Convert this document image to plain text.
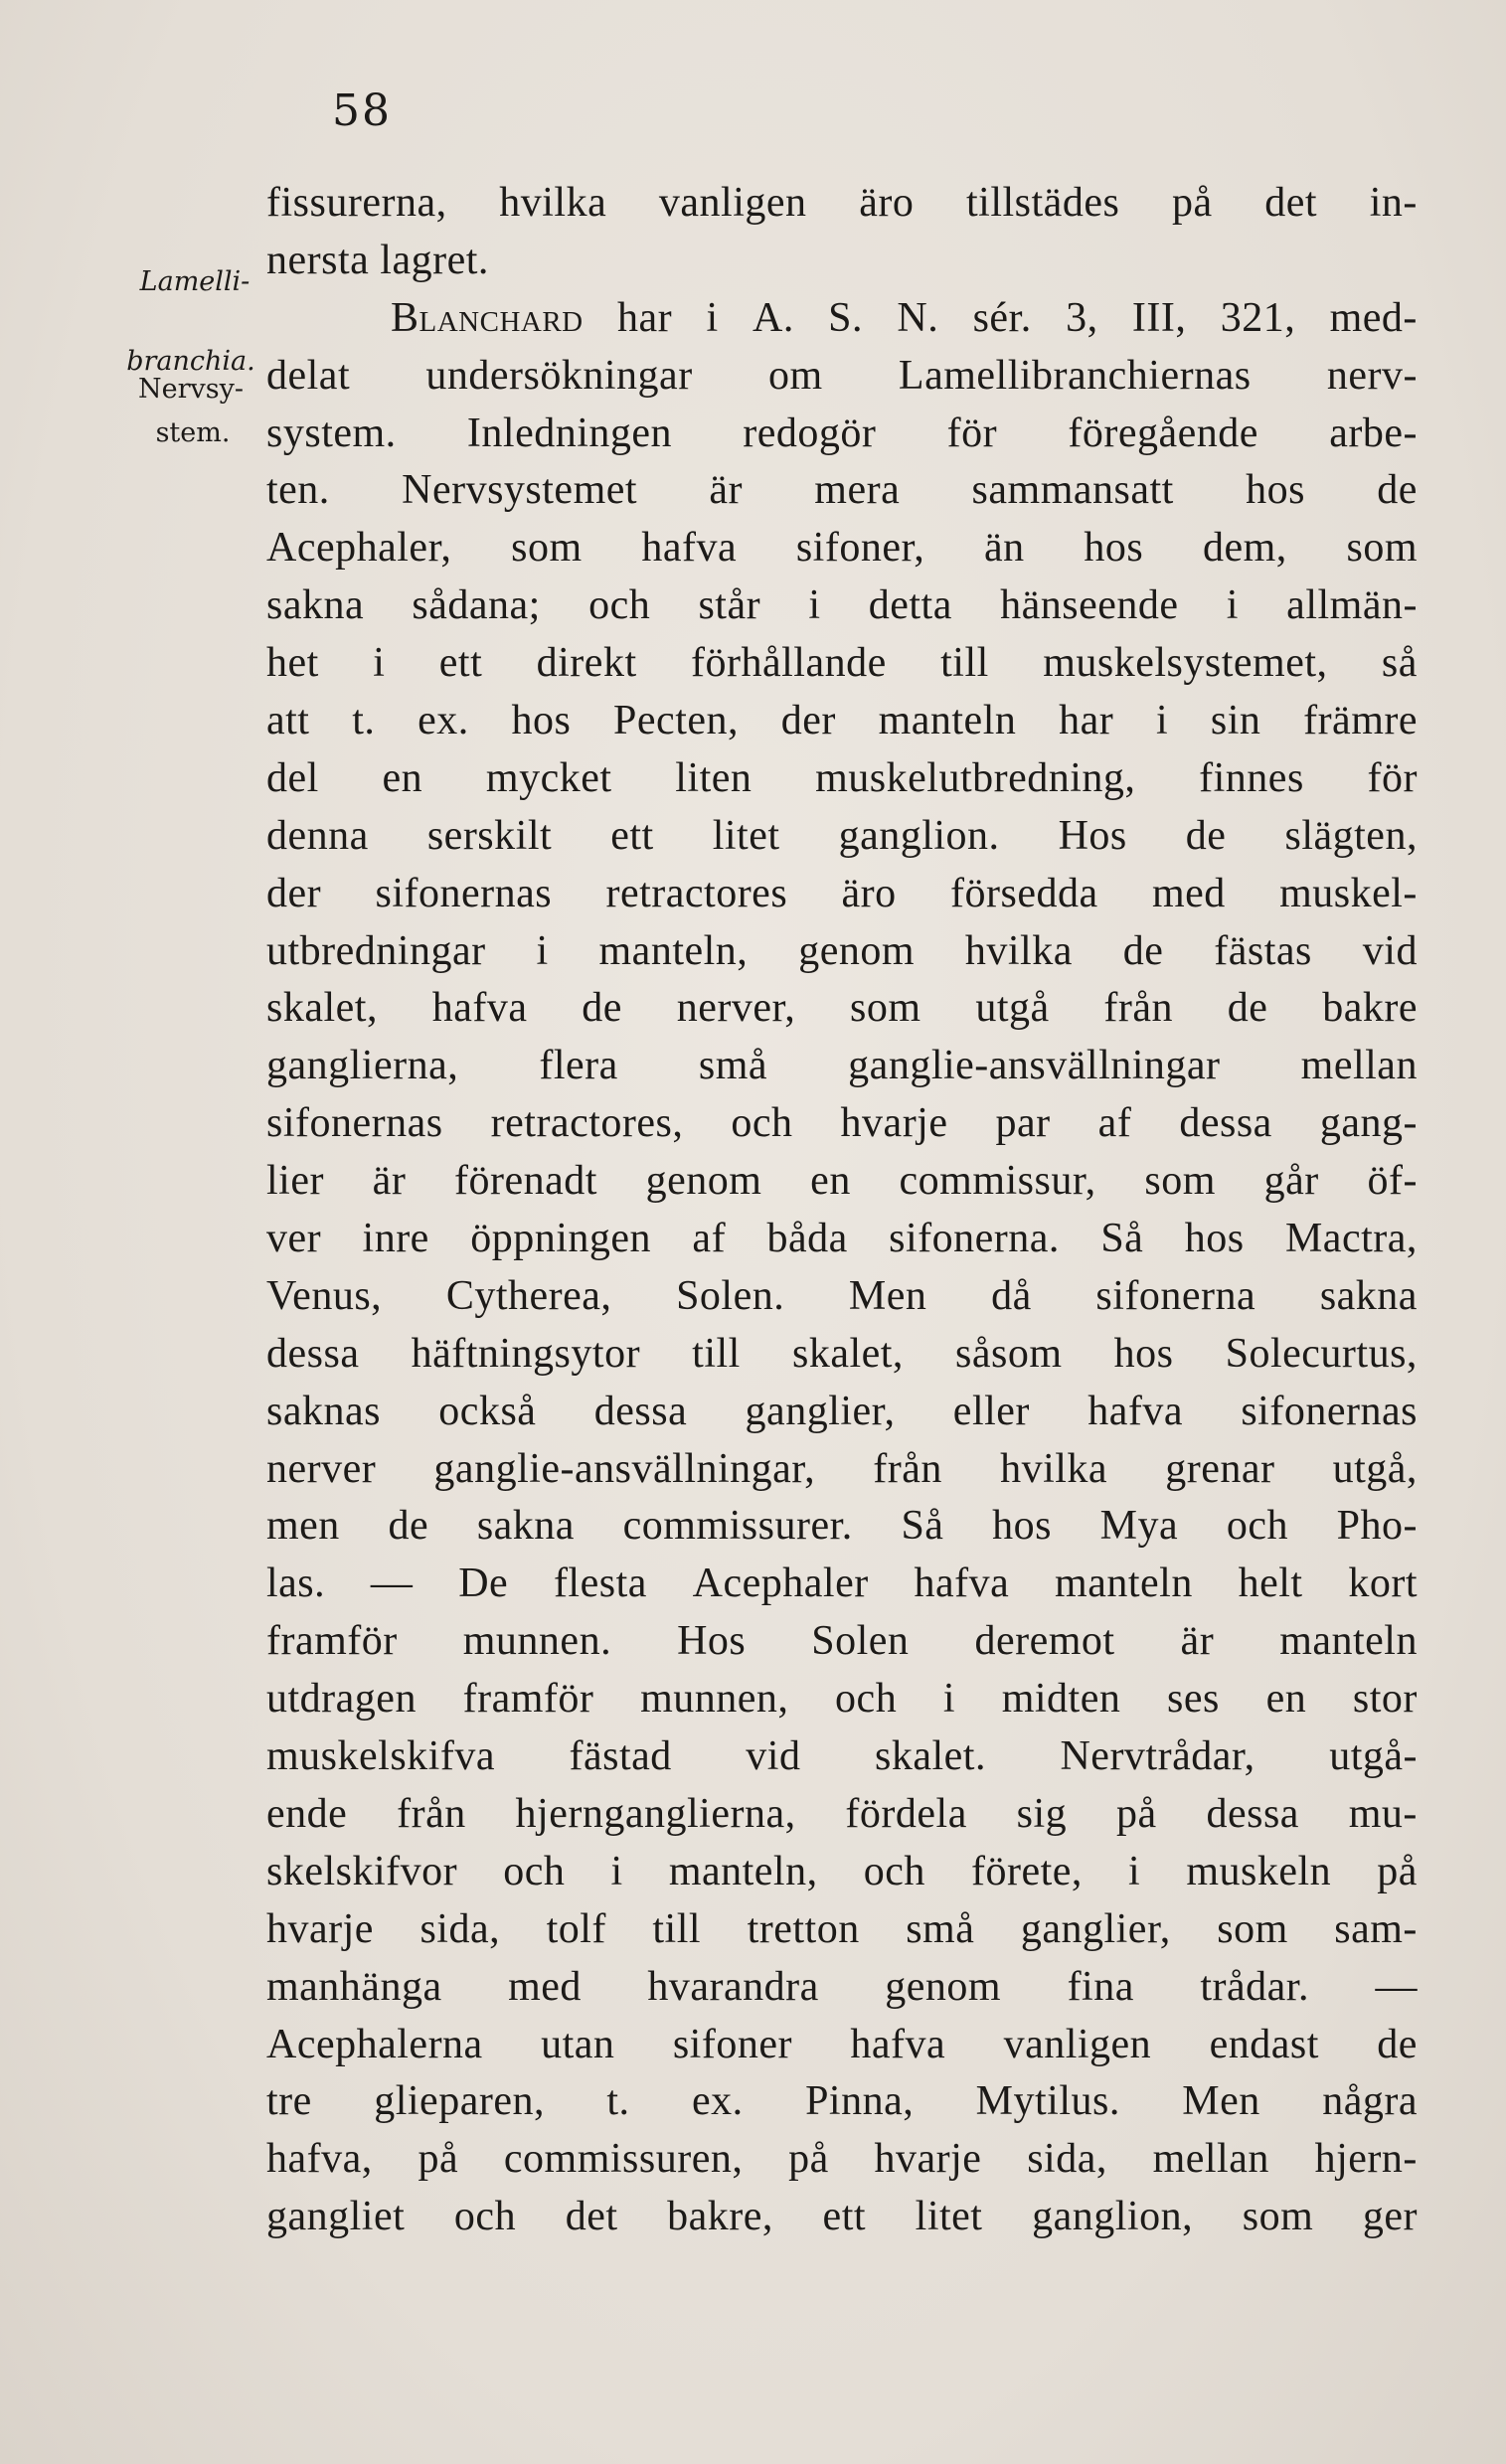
58
Lamelli-
branchia.
Nervsy-
stem.
fissurerna, hvilka vanligen äro tillstädes på det in-
nersta
lagret.
Blanchard har i A. S. N. sér. 3, III, 321, med-
delat undersökningar om Lamellibranchiernas nerv-
system. Inledningen redogör för föregående arbe-
ten. Nervsystemet är mera sammansatt hos de
Acephaler, som hafva sifoner, än hos dem, som
sakna sådana; och står i detta hänseende i allmän-
het i ett direkt förhållande till muskelsystemet, så
att t. ex. hos Pecten, der manteln har i sin främre
del en mycket liten muskelutbredning, finnes för
denna serskilt ett litet ganglion. Hos de slägten,
der sifonernas retractores äro försedda med muskel-
utbredningar i manteln, genom hvilka de fästas vid
skalet, hafva de nerver, som utgå från de bakre
ganglierna, flera små ganglie-ansvällningar mellan
sifonernas retractores, och hvarje par af dessa gang-
lier är förenadt genom en commissur, som går öf-
ver inre öppningen af båda sifonerna. Så hos Mactra,
Venus, Cytherea, Solen. Men då sifonerna sakna
dessa häftningsytor till skalet, såsom hos Solecurtus,
saknas också dessa ganglier, eller hafva sifonernas
nerver ganglie-ansvällningar, från hvilka grenar utgå,
men de sakna commissurer. Så hos Mya och Pho-
las. — De flesta Acephaler hafva manteln helt kort
framför munnen. Hos Solen deremot är manteln
utdragen framför munnen, och i midten ses en stor
muskelskifva fästad vid skalet. Nervtrådar, utgå-
ende från hjernganglierna, fördela sig på dessa mu-
skelskifvor och i manteln, och förete, i muskeln på
hvarje sida, tolf till tretton små ganglier, som sam-
manhänga med hvarandra genom fina trådar. —
Acephalerna utan sifoner hafva vanligen endast de
tre glieparen, t. ex. Pinna, Mytilus. Men några
hafva, på commissuren, på hvarje sida, mellan hjern-
gangliet och det bakre, ett litet ganglion, som ger
